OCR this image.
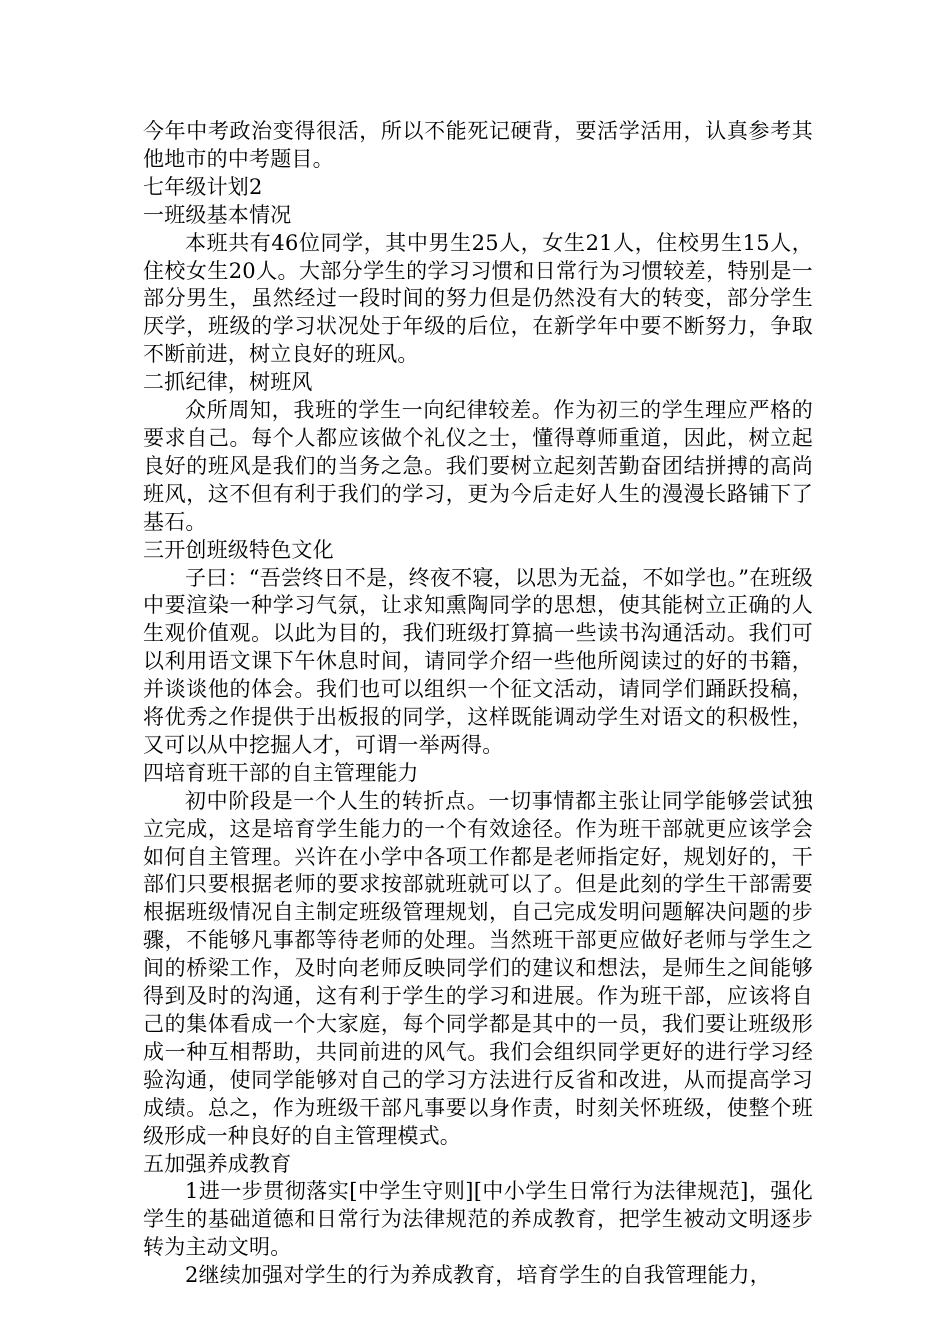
今年中考政治变得很活，所以不能死记硬背，要活学活用，认真参考其他地市的中考题目。

七年级计划2

一班级基本情况

本班共有46位同学，其中男生25人，女生21人，住校男生15人，住校女生20人。大部分学生的学习习惯和日常行为习惯较差，特别是一部分男生，虽然经过一段时间的努力但是仍然没有大的转变，部分学生厌学，班级的学习状况处于年级的后位，在新学年中要不断努力，争取不断前进，树立良好的班风。

二抓纪律，树班风

众所周知，我班的学生一向纪律较差。作为初三的学生理应严格的要求自己。每个人都应该做个礼仪之士，懂得尊师重道，因此，树立起良好的班风是我们的当务之急。我们要树立起刻苦勤奋团结拼搏的高尚班风，这不但有利于我们的学习，更为今后走好人生的漫漫长路铺下了基石。

三开创班级特色文化

子曰：“吾尝终日不是，终夜不寝，以思为无益，不如学也。”在班级中要渲染一种学习气氛，让求知熏陶同学的思想，使其能树立正确的人生观价值观。以此为目的，我们班级打算搞一些读书沟通活动。我们可以利用语文课下午休息时间，请同学介绍一些他所阅读过的好的书籍，并谈谈他的体会。我们也可以组织一个征文活动，请同学们踊跃投稿，将优秀之作提供于出板报的同学，这样既能调动学生对语文的积极性，又可以从中挖掘人才，可谓一举两得。

四培育班干部的自主管理能力

初中阶段是一个人生的转折点。一切事情都主张让同学能够尝试独立完成，这是培育学生能力的一个有效途径。作为班干部就更应该学会如何自主管理。兴许在小学中各项工作都是老师指定好，规划好的，干部们只要根据老师的要求按部就班就可以了。但是此刻的学生干部需要根据班级情况自主制定班级管理规划，自己完成发明问题解决问题的步骤，不能够凡事都等待老师的处理。当然班干部更应做好老师与学生之间的桥梁工作，及时向老师反映同学们的建议和想法，是师生之间能够得到及时的沟通，这有利于学生的学习和进展。作为班干部，应该将自己的集体看成一个大家庭，每个同学都是其中的一员，我们要让班级形成一种互相帮助，共同前进的风气。我们会组织同学更好的进行学习经验沟通，使同学能够对自己的学习方法进行反省和改进，从而提高学习成绩。总之，作为班级干部凡事要以身作责，时刻关怀班级，使整个班级形成一种良好的自主管理模式。

五加强养成教育

1进一步贯彻落实[中学生守则][中小学生日常行为法律规范]，强化学生的基础道德和日常行为法律规范的养成教育，把学生被动文明逐步转为主动文明。

2继续加强对学生的行为养成教育，培育学生的自我管理能力，
